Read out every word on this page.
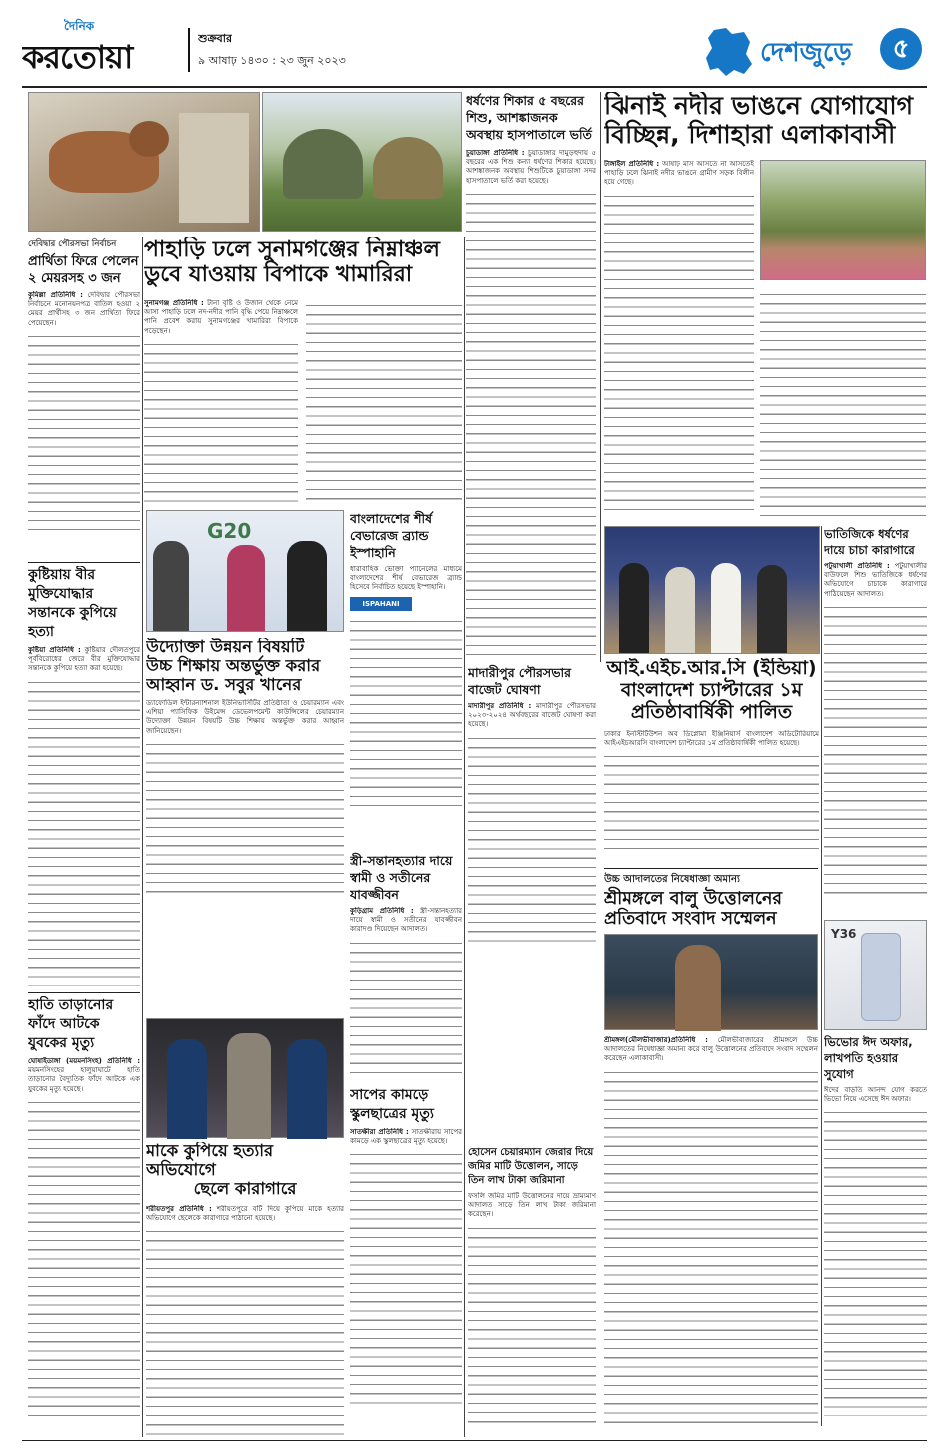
দৈনিক
করতোয়া	শুক্রবার
৯ আষাঢ় ১৪৩০ : ২৩ জুন ২০২৩	দেশজুড়ে	৫
ধর্ষণের শিকার ৫ বছরের শিশু, আশঙ্কাজনক অবস্থায় হাসপাতালে ভর্তি
চুয়াডাঙ্গা প্রতিনিধি : চুয়াডাঙ্গার দামুড়হুদায় ৫ বছরের এক শিশু কন্যা ধর্ষণের শিকার হয়েছে। আশঙ্কাজনক অবস্থায় শিশুটিকে চুয়াডাঙ্গা সদর হাসপাতালে ভর্তি করা হয়েছে।
ঝিনাই নদীর ভাঙনে যোগাযোগ
বিচ্ছিন্ন, দিশাহারা এলাকাবাসী
টাঙ্গাইল প্রতিনিধি : আষাঢ় মাস আসতে না আসতেই পাহাড়ি ঢলে ঝিনাই নদীর ভাঙনে গ্রামীণ সড়ক বিলীন হয়ে গেছে।
পাহাড়ি ঢলে সুনামগঞ্জের নিম্নাঞ্চল
ডুবে যাওয়ায় বিপাকে খামারিরা
সুনামগঞ্জ প্রতিনিধি : টানা বৃষ্টি ও উজান থেকে নেমে আসা পাহাড়ি ঢলে নদ-নদীর পানি বৃদ্ধি পেয়ে নিম্নাঞ্চলে পানি প্রবেশ করায় সুনামগঞ্জের খামারিরা বিপাকে পড়েছেন।
দেবিদ্বার পৌরসভা নির্বাচন
প্রার্থিতা ফিরে পেলেন ২ মেয়রসহ ৩ জন
কুমিল্লা প্রতিনিধি : দেবিদ্বার পৌরসভা নির্বাচনে মনোনয়নপত্র বাতিল হওয়া ২ মেয়র প্রার্থীসহ ৩ জন প্রার্থিতা ফিরে পেয়েছেন।
কুষ্টিয়ায় বীর মুক্তিযোদ্ধার সন্তানকে কুপিয়ে হত্যা
কুষ্টিয়া প্রতিনিধি : কুষ্টিয়ার দৌলতপুরে পূর্ববিরোধের জেরে বীর মুক্তিযোদ্ধার সন্তানকে কুপিয়ে হত্যা করা হয়েছে।
হাতি তাড়ানোর ফাঁদে আটকে যুবকের মৃত্যু
ঘোষাইডাঙ্গা (ময়মনসিংহ) প্রতিনিধি : ময়মনসিংহের হালুয়াঘাটে হাতি তাড়ানোর বৈদ্যুতিক ফাঁদে আটকে এক যুবকের মৃত্যু হয়েছে।
G20
বাংলাদেশের শীর্ষ বেভারেজ ব্র্যান্ড ইস্পাহানি
ধারাবাহিক ভোক্তা প্যানেলের মাধ্যমে বাংলাদেশের শীর্ষ বেভারেজ ব্র্যান্ড হিসেবে নির্বাচিত হয়েছে ইস্পাহানি।
ISPAHANI
উদ্যোক্তা উন্নয়ন বিষয়টি
উচ্চ শিক্ষায় অন্তর্ভুক্ত করার
আহ্বান ড. সবুর খানের
ড্যাফোডিল ইন্টারন্যাশনাল ইউনিভার্সিটির প্রতিষ্ঠাতা ও চেয়ারম্যান এবং এশিয়া প্যাসিফিক উইমেন্স ডেভেলপমেন্ট কাউন্সিলের চেয়ারম্যান উদ্যোক্তা উন্নয়ন বিষয়টি উচ্চ শিক্ষায় অন্তর্ভুক্ত করার আহ্বান জানিয়েছেন।
স্ত্রী-সন্তানহত্যার দায়ে স্বামী ও সতীনের যাবজ্জীবন
কুড়িগ্রাম প্রতিনিধি : স্ত্রী-সন্তানহত্যার দায়ে স্বামী ও সতীনের যাবজ্জীবন কারাদণ্ড দিয়েছেন আদালত।
সাপের কামড়ে স্কুলছাত্রের মৃত্যু
সাতক্ষীরা প্রতিনিধি : সাতক্ষীরায় সাপের কামড়ে এক স্কুলছাত্রের মৃত্যু হয়েছে।
মাকে কুপিয়ে হত্যার অভিযোগে
ছেলে কারাগারে
শরীয়তপুর প্রতিনিধি : শরীয়তপুরে বটি দিয়ে কুপিয়ে মাকে হত্যার অভিযোগে ছেলেকে কারাগারে পাঠানো হয়েছে।
মাদারীপুর পৌরসভার বাজেট ঘোষণা
মাদারীপুর প্রতিনিধি : মাদারীপুর পৌরসভার ২০২৩-২০২৪ অর্থবছরের বাজেট ঘোষণা করা হয়েছে।
হোসেন চেয়ারম্যান জেরার দিয়ে
জমির মাটি উত্তোলন, সাড়ে
তিন লাখ টাকা জরিমানা
ফসলি জমির মাটি উত্তোলনের দায়ে ভ্রাম্যমাণ আদালত সাড়ে তিন লাখ টাকা জরিমানা করেছেন।
আই.এইচ.আর.সি (ইন্ডিয়া)
বাংলাদেশ চ্যাপ্টারের ১ম
প্রতিষ্ঠাবার্ষিকী পালিত
ঢাকার ইনস্টিটিউশন অব ডিপ্লোমা ইঞ্জিনিয়ার্স বাংলাদেশ অডিটোরিয়ামে আইএইচআরসি বাংলাদেশ চ্যাপ্টারের ১ম প্রতিষ্ঠাবার্ষিকী পালিত হয়েছে।
ভাতিজিকে ধর্ষণের দায়ে চাচা কারাগারে
পটুয়াখালী প্রতিনিধি : পটুয়াখালীর বাউফলে শিশু ভাতিজিকে ধর্ষণের অভিযোগে চাচাকে কারাগারে পাঠিয়েছেন আদালত।
উচ্চ আদালতের নিষেধাজ্ঞা অমান্য
শ্রীমঙ্গলে বালু উত্তোলনের
প্রতিবাদে সংবাদ সম্মেলন
শ্রীমঙ্গল(মৌলভীবাজার)প্রতিনিধি : মৌলভীবাজারের শ্রীমঙ্গলে উচ্চ আদালতের নিষেধাজ্ঞা অমান্য করে বালু উত্তোলনের প্রতিবাদে সংবাদ সম্মেলন করেছেন এলাকাবাসী।
Y36
ভিভোর ঈদ অফার, লাখপতি হওয়ার সুযোগ
ঈদের বাড়তি আনন্দ যোগ করতে ভিভো নিয়ে এসেছে ঈদ অফার।
